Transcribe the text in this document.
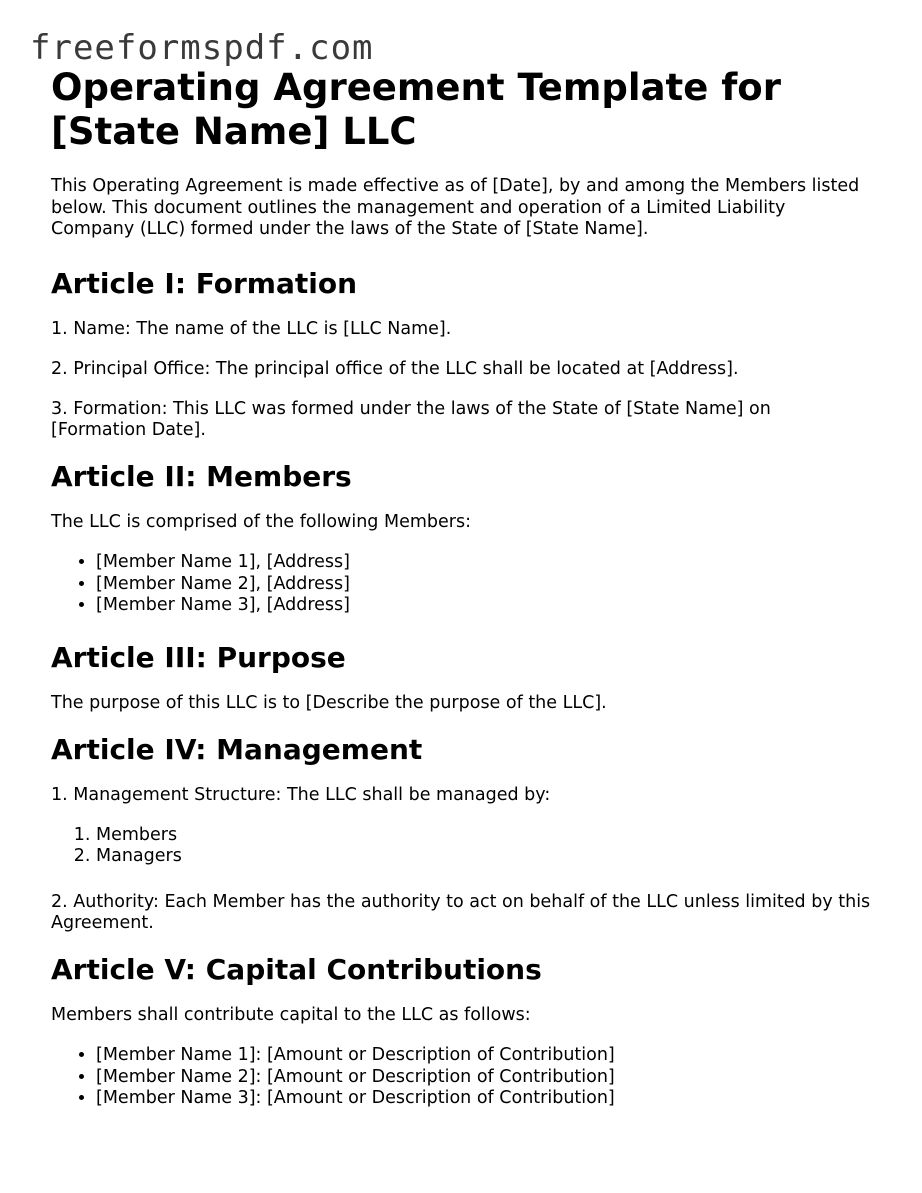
freeformspdf.com
Operating Agreement Template for [State Name] LLC

This Operating Agreement is made effective as of [Date], by and among the Members listed below. This document outlines the management and operation of a Limited Liability Company (LLC) formed under the laws of the State of [State Name].

Article I: Formation

1. Name: The name of the LLC is [LLC Name].

2. Principal Office: The principal office of the LLC shall be located at [Address].

3. Formation: This LLC was formed under the laws of the State of [State Name] on [Formation Date].

Article II: Members

The LLC is comprised of the following Members:

• [Member Name 1], [Address]
• [Member Name 2], [Address]
• [Member Name 3], [Address]
Article III: Purpose

The purpose of this LLC is to [Describe the purpose of the LLC].

Article IV: Management

1. Management Structure: The LLC shall be managed by:

1. Members
2. Managers

2. Authority: Each Member has the authority to act on behalf of the LLC unless limited by this Agreement.

Article V: Capital Contributions

Members shall contribute capital to the LLC as follows:

• [Member Name 1]: [Amount or Description of Contribution]
• [Member Name 2]: [Amount or Description of Contribution]
• [Member Name 3]: [Amount or Description of Contribution]
